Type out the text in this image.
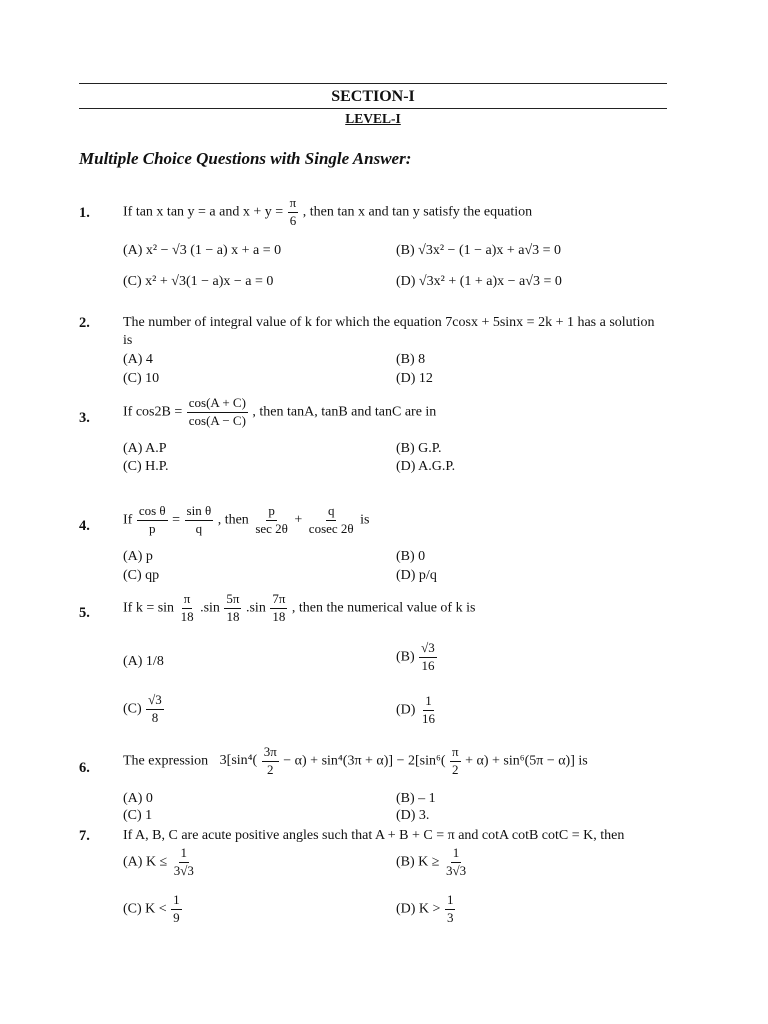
SECTION-I
LEVEL-I
Multiple Choice Questions with Single Answer:
1. If tan x tan y = a and $x + y = \frac{\pi}{6}$ , then tan x and tan y satisfy the equation
(A) x² − √3 (1 − a) x + a = 0	(B) √3x² − (1 − a)x + a√3 = 0
(C) x² + √3(1 − a)x − a = 0	(D) √3x² + (1 + a)x − a√3 = 0
2. The number of integral value of k for which the equation 7cosx + 5sinx = 2k + 1 has a solution
is
(A) 4	(B) 8
(C) 10	(D) 12
3. If $\cos 2B = \frac{\cos(A + C)}{\cos(A - C)}$ , then tanA, tanB and tanC are in
(A) A.P	(B) G.P.
(C) H.P.	(D) A.G.P.
4. If $\frac{\text{cos θ}}{p} = \frac{\text{sin θ}}{q}$ , then $\frac{p}{\sec 2\theta} + \frac{q}{cosec 2\theta}$ is
(A) p	(B) 0
(C) qp	(D) p/q
5. If $k = \sin \frac{\pi}{18} .\sin \frac{5\pi}{18} .\sin \frac{7\pi}{18}$ , then the numerical value of k is
(A) 1/8	$(B) \frac{√3}{16}$
$(C) \frac{√3}{8}$	$(D) \frac{1}{16}$
6. The expression $3[\sin^4( \frac{3\pi}{2} - \alpha) + \sin^4(3\pi + \alpha)] - 2[\sin^6( \frac{\pi}{2} + \alpha) + \sin^6(5\pi - \alpha)]$ is
(A) 0	(B) – 1
(C) 1	(D) 3.
7. If A, B, C are acute positive angles such that A + B + C = π and cotA cotB cotC = K, then
(A) $K \le \frac{1}{3√3}$	(B) $K \ge \frac{1}{3√3}$
(C) $K < \frac{1}{9}$	(D) $K > \frac{1}{3}$
